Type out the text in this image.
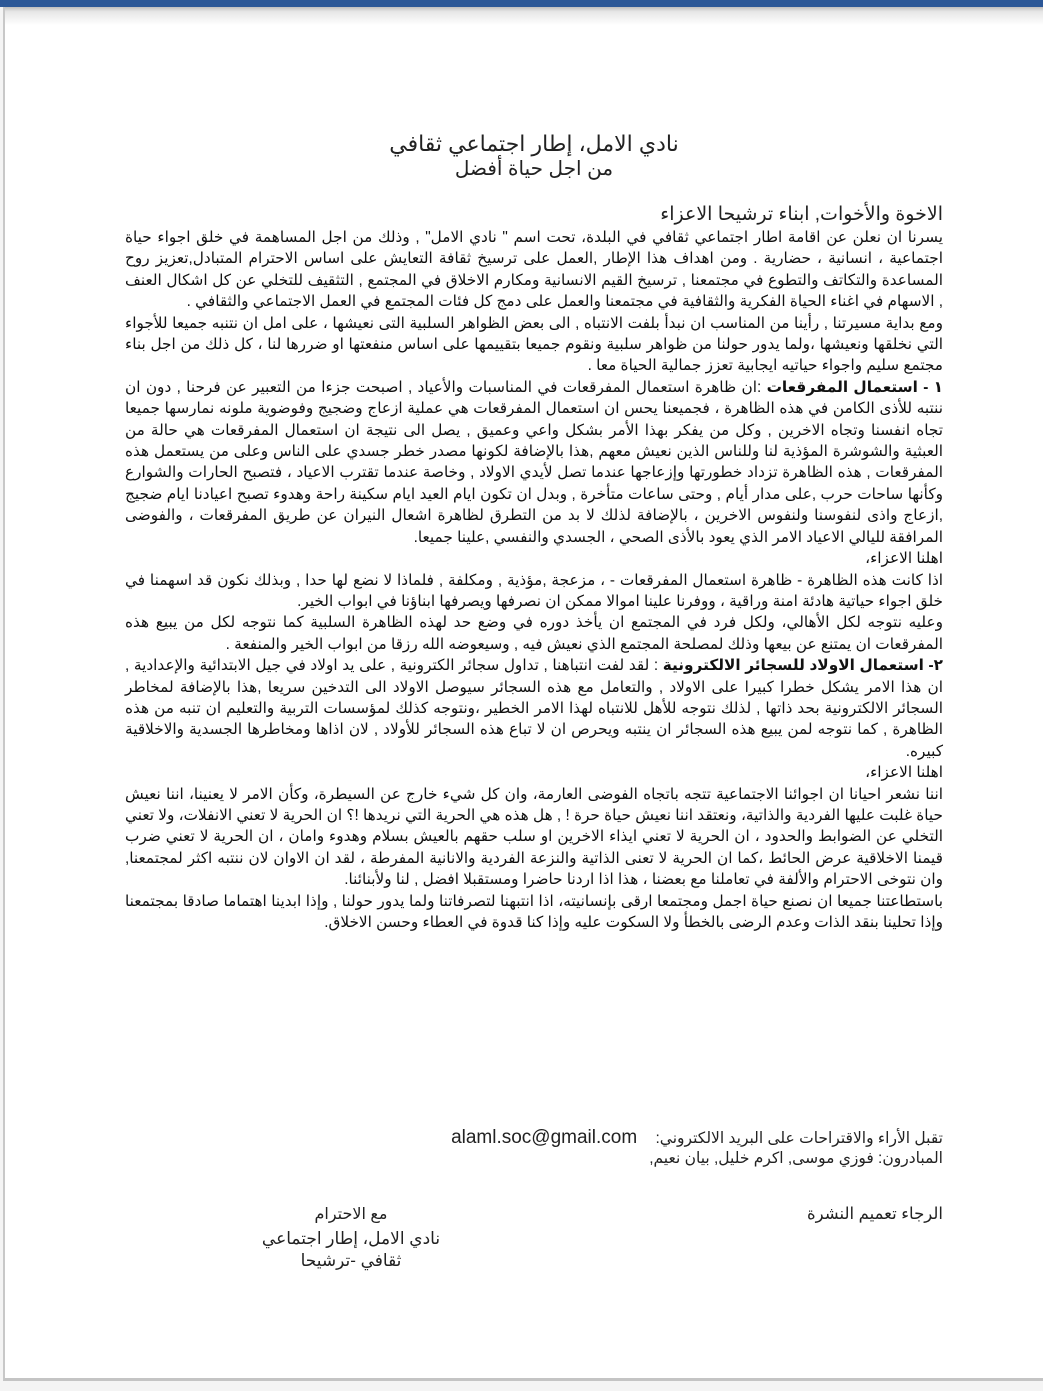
نادي الامل، إطار اجتماعي ثقافي
من اجل حياة أفضل
الاخوة والأخوات, ابناء ترشيحا الاعزاء

يسرنا ان نعلن عن اقامة اطار اجتماعي ثقافي في البلدة، تحت اسم " نادي الامل" , وذلك من اجل المساهمة في خلق اجواء حياة اجتماعية ، انسانية ، حضارية . ومن اهداف هذا الإطار ,العمل على ترسيخ ثقافة التعايش على اساس الاحترام المتبادل,تعزيز روح المساعدة والتكاتف والتطوع في مجتمعنا , ترسيخ القيم الانسانية ومكارم الاخلاق في المجتمع , التثقيف للتخلي عن كل اشكال العنف , الاسهام في اغناء الحياة الفكرية والثقافية في مجتمعنا والعمل على دمج كل فئات المجتمع في العمل الاجتماعي والثقافي .

ومع بداية مسيرتنا , رأينا من المناسب ان نبدأ بلفت الانتباه , الى بعض الظواهر السلبية التى نعيشها ، على امل ان نتنبه جميعا للأجواء التي نخلقها ونعيشها ،ولما يدور حولنا من ظواهر سلبية ونقوم جميعا بتقييمها على اساس منفعتها او ضررها لنا ، كل ذلك من اجل بناء مجتمع سليم واجواء حياتيه ايجابية تعزز جمالية الحياة معا .

١ - استعمال المفرقعات :ان ظاهرة استعمال المفرقعات في المناسبات والأعياد , اصبحت جزءا من التعبير عن فرحنا , دون ان ننتبه للأذى الكامن في هذه الظاهرة ، فجميعنا يحس ان استعمال المفرقعات هي عملية ازعاج وضجيج وفوضوية ملونه نمارسها جميعا تجاه انفسنا وتجاه الاخرين , وكل من يفكر بهذا الأمر بشكل واعي وعميق , يصل الى نتيجة ان استعمال المفرقعات هي حالة من العبثية والشوشرة المؤذية لنا وللناس الذين نعيش معهم ,هذا بالإضافة لكونها مصدر خطر جسدي على الناس وعلى من يستعمل هذه المفرقعات , هذه الظاهرة تزداد خطورتها وإزعاجها عندما تصل لأيدي الاولاد , وخاصة عندما تقترب الاعياد ، فتصبح الحارات والشوارع وكأنها ساحات حرب ,على مدار أيام , وحتى ساعات متأخرة , وبدل ان تكون ايام العيد ايام سكينة راحة وهدوء تصبح اعيادنا ايام ضجيج ,ازعاج واذى لنفوسنا ولنفوس الاخرين ، بالإضافة لذلك لا بد من التطرق لظاهرة اشعال النيران عن طريق المفرقعات ، والفوضى المرافقة لليالي الاعياد الامر الذي يعود بالأذى الصحي ، الجسدي والنفسي ,علينا جميعا.

اهلنا الاعزاء،

اذا كانت هذه الظاهرة - ظاهرة استعمال المفرقعات - ، مزعجة ,مؤذية , ومكلفة , فلماذا لا نضع لها حدا , وبذلك نكون قد اسهمنا في خلق اجواء حياتية هادئة امنة وراقية ، ووفرنا علينا اموالا ممكن ان نصرفها ويصرفها ابناؤنا في ابواب الخير.

وعليه نتوجه لكل الأهالي، ولكل فرد في المجتمع ان يأخذ دوره في وضع حد لهذه الظاهرة السلبية كما نتوجه لكل من يبيع هذه المفرقعات ان يمتنع عن بيعها وذلك لمصلحة المجتمع الذي نعيش فيه , وسيعوضه الله رزقا من ابواب الخير والمنفعة .

٢- استعمال الاولاد للسجائر الالكترونية : لقد لفت انتباهنا , تداول سجائر الكترونية , على يد اولاد في جيل الابتدائية والإعدادية , ان هذا الامر يشكل خطرا كبيرا على الاولاد , والتعامل مع هذه السجائر سيوصل الاولاد الى التدخين سريعا ,هذا بالإضافة لمخاطر السجائر الالكترونية بحد ذاتها , لذلك نتوجه للأهل للانتباه لهذا الامر الخطير ،ونتوجه كذلك لمؤسسات التربية والتعليم ان تنبه من هذه الظاهرة , كما نتوجه لمن يبيع هذه السجائر ان ينتبه ويحرص ان لا تباع هذه السجائر للأولاد , لان اذاها ومخاطرها الجسدية والاخلاقية كبيره.

اهلنا الاعزاء،

اننا نشعر احيانا ان اجوائنا الاجتماعية تتجه باتجاه الفوضى العارمة، وان كل شيء خارج عن السيطرة، وكأن الامر لا يعنينا، اننا نعيش حياة غلبت عليها الفردية والذاتية، ونعتقد اننا نعيش حياة حرة ! , هل هذه هي الحرية التي نريدها !؟ ان الحرية لا تعني الانفلات، ولا تعني التخلي عن الضوابط والحدود ، ان الحرية لا تعني ايذاء الاخرين او سلب حقهم بالعيش بسلام وهدوء وامان ، ان الحرية لا تعني ضرب قيمنا الاخلاقية عرض الحائط ،كما ان الحرية لا تعنى الذاتية والنزعة الفردية والانانية المفرطة ، لقد ان الاوان لان ننتبه اكثر لمجتمعنا, وان نتوخى الاحترام والألفة في تعاملنا مع بعضنا ، هذا اذا اردنا حاضرا ومستقبلا افضل , لنا ولأبنائنا.

باستطاعتنا جميعا ان نصنع حياة اجمل ومجتمعا ارقى بإنسانيته، اذا انتبهنا لتصرفاتنا ولما يدور حولنا , وإذا ابدينا اهتماما صادقا بمجتمعنا وإذا تحلينا بنقد الذات وعدم الرضى بالخطأ ولا السكوت عليه وإذا كنا قدوة في العطاء وحسن الاخلاق.

تقبل الأراء والاقتراحات على البريد الالكتروني: alaml.soc@gmail.com
المبادرون: فوزي موسى, اكرم خليل, بيان نعيم,
مع الاحترام
نادي الامل، إطار اجتماعي ثقافي -ترشيحا
الرجاء تعميم النشرة
